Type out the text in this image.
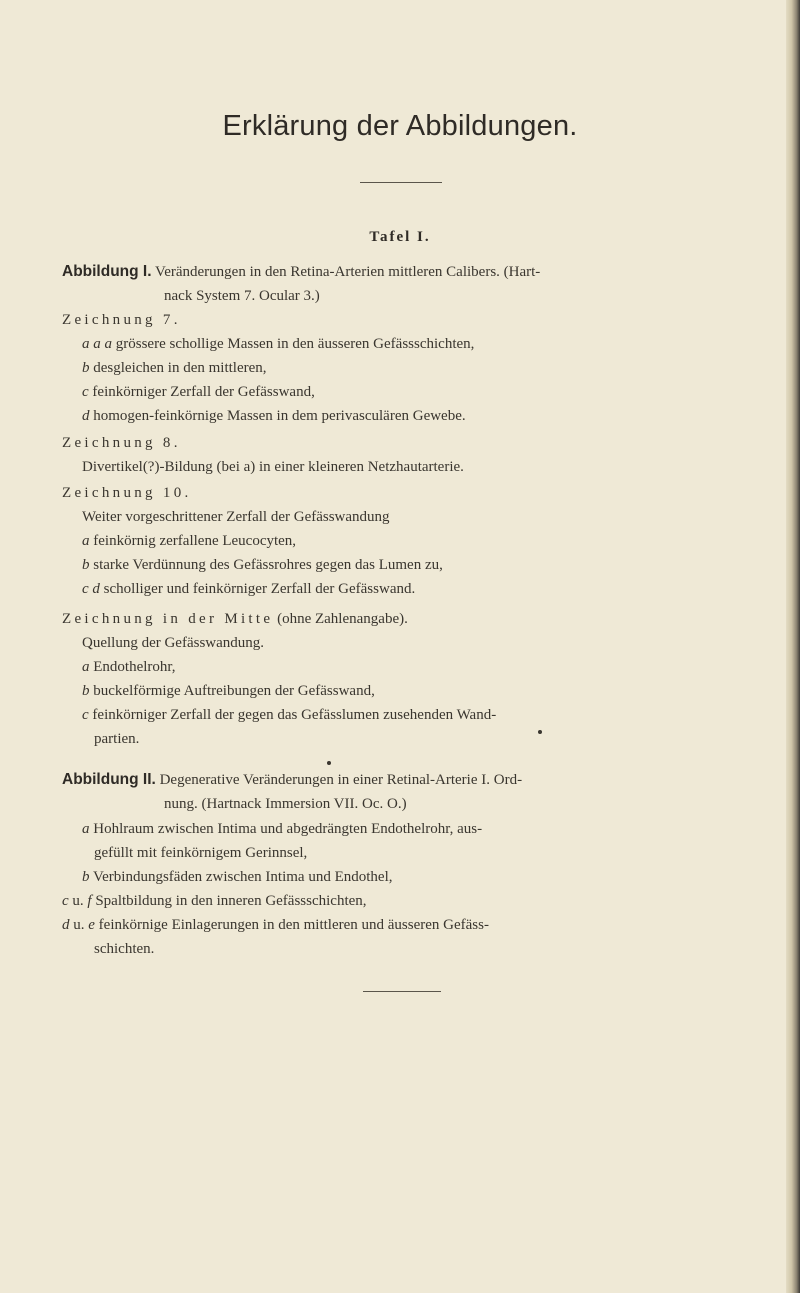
Erklärung der Abbildungen.
Tafel I.
Abbildung I. Veränderungen in den Retina-Arterien mittleren Calibers. (Hart-
nack System 7. Ocular 3.)
Zeichnung 7.
a a a grössere schollige Massen in den äusseren Gefässschichten,
b desgleichen in den mittleren,
c feinkörniger Zerfall der Gefässwand,
d homogen-feinkörnige Massen in dem perivasculären Gewebe.
Zeichnung 8.
Divertikel(?)-Bildung (bei a) in einer kleineren Netzhautarterie.
Zeichnung 10.
Weiter vorgeschrittener Zerfall der Gefässwandung
a feinkörnig zerfallene Leucocyten,
b starke Verdünnung des Gefässrohres gegen das Lumen zu,
c d scholliger und feinkörniger Zerfall der Gefässwand.
Zeichnung in der Mitte (ohne Zahlenangabe).
Quellung der Gefässwandung.
a Endothelrohr,
b buckelförmige Auftreibungen der Gefässwand,
c feinkörniger Zerfall der gegen das Gefässlumen zusehenden Wand-
partien.
Abbildung II. Degenerative Veränderungen in einer Retinal-Arterie I. Ord-
nung. (Hartnack Immersion VII. Oc. O.)
a Hohlraum zwischen Intima und abgedrängten Endothelrohr, aus-
gefüllt mit feinkörnigem Gerinnsel,
b Verbindungsfäden zwischen Intima und Endothel,
c u. f Spaltbildung in den inneren Gefässschichten,
d u. e feinkörnige Einlagerungen in den mittleren und äusseren Gefäss-
schichten.
